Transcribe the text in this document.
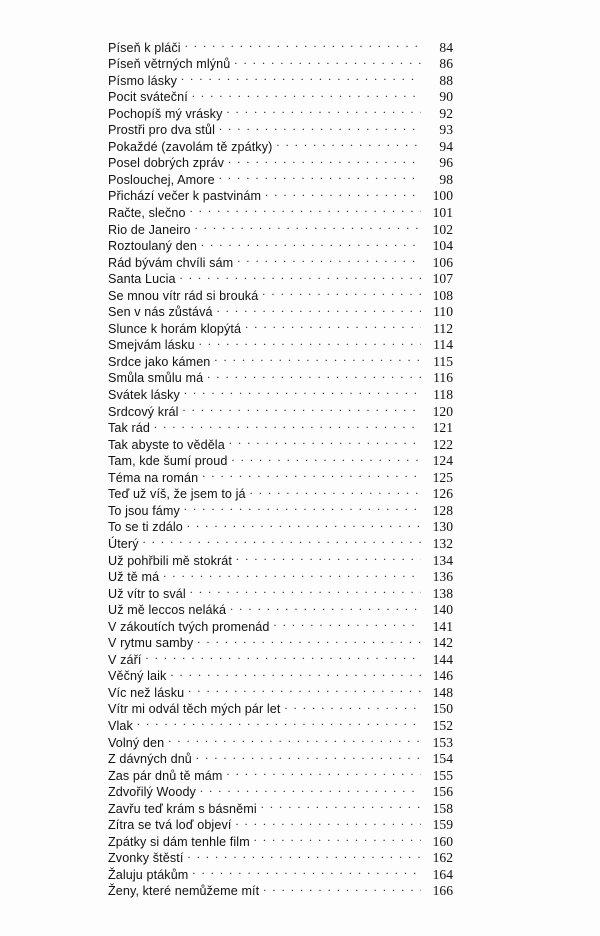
Píseň k pláči . . .	84
Píseň větrných mlýnů . . .	86
Písmo lásky . . .	88
Pocit sváteční . . .	90
Pochopíš mý vrásky . . .	92
Prostři pro dva stůl . . .	93
Pokaždé (zavolám tě zpátky) . . .	94
Posel dobrých zpráv . . .	96
Poslouchej, Amore . . .	98
Přichází večer k pastvinám . . .	100
Račte, slečno . . .	101
Rio de Janeiro . . .	102
Roztoulaný den . . .	104
Rád bývám chvíli sám . . .	106
Santa Lucia . . .	107
Se mnou vítr rád si brouká . . .	108
Sen v nás zůstává . . .	110
Slunce k horám klopýtá . . .	112
Smejvám lásku . . .	114
Srdce jako kámen . . .	115
Smůla smůlu má . . .	116
Svátek lásky . . .	118
Srdcový král . . .	120
Tak rád . . .	121
Tak abyste to věděla . . .	122
Tam, kde šumí proud . . .	124
Téma na román . . .	125
Teď už víš, že jsem to já . . .	126
To jsou fámy . . .	128
To se ti zdálo . . .	130
Úterý . . .	132
Už pohřbili mě stokrát . . .	134
Už tě má . . .	136
Už vítr to svál . . .	138
Už mě leccos neláká . . .	140
V zákoutích tvých promenád . . .	141
V rytmu samby . . .	142
V září . . .	144
Věčný laik . . .	146
Víc než lásku . . .	148
Vítr mi odvál těch mých pár let . . .	150
Vlak . . .	152
Volný den . . .	153
Z dávných dnů . . .	154
Zas pár dnů tě mám . . .	155
Zdvořilý Woody . . .	156
Zavřu teď krám s básněmi . . .	158
Zítra se tvá loď objeví . . .	159
Zpátky si dám tenhle film . . .	160
Zvonky štěstí . . .	162
Žaluju ptákům . . .	164
Ženy, které nemůžeme mít . . .	166
